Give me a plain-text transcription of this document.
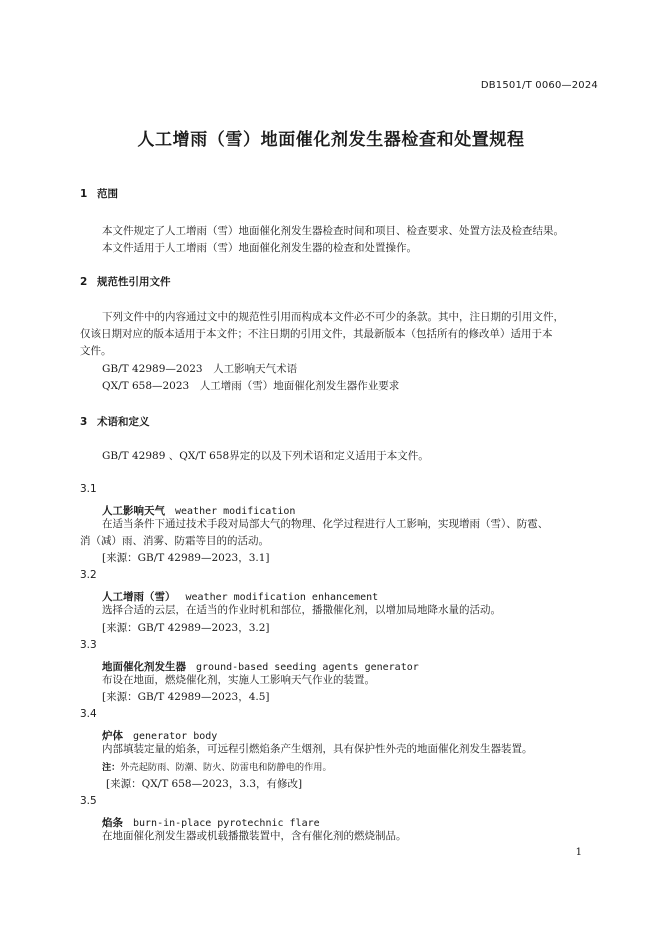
DB1501/T 0060—2024
人工增雨（雪）地面催化剂发生器检查和处置规程
1 范围
本文件规定了人工增雨（雪）地面催化剂发生器检查时间和项目、检查要求、处置方法及检查结果。
本文件适用于人工增雨（雪）地面催化剂发生器的检查和处置操作。
2 规范性引用文件
下列文件中的内容通过文中的规范性引用而构成本文件必不可少的条款。其中，注日期的引用文件，
仅该日期对应的版本适用于本文件；不注日期的引用文件，其最新版本（包括所有的修改单）适用于本
文件。
GB/T 42989—2023　人工影响天气术语
QX/T 658—2023　人工增雨（雪）地面催化剂发生器作业要求
3 术语和定义
GB/T 42989 、QX/T 658界定的以及下列术语和定义适用于本文件。
3.1
人工影响天气 weather modification
在适当条件下通过技术手段对局部大气的物理、化学过程进行人工影响，实现增雨（雪）、防雹、
消（减）雨、消雾、防霜等目的的活动。
[来源：GB/T 42989—2023，3.1]
3.2
人工增雨（雪） weather modification enhancement
选择合适的云层，在适当的作业时机和部位，播撒催化剂，以增加局地降水量的活动。
[来源：GB/T 42989—2023，3.2]
3.3
地面催化剂发生器 ground-based seeding agents generator
布设在地面，燃烧催化剂，实施人工影响天气作业的装置。
[来源：GB/T 42989—2023，4.5]
3.4
炉体 generator body
内部填装定量的焰条，可远程引燃焰条产生烟剂，具有保护性外壳的地面催化剂发生器装置。
注：外壳起防雨、防潮、防火、防雷电和防静电的作用。
[来源：QX/T 658—2023，3.3，有修改]
3.5
焰条 burn-in-place pyrotechnic flare
在地面催化剂发生器或机载播撒装置中，含有催化剂的燃烧制品。
1
